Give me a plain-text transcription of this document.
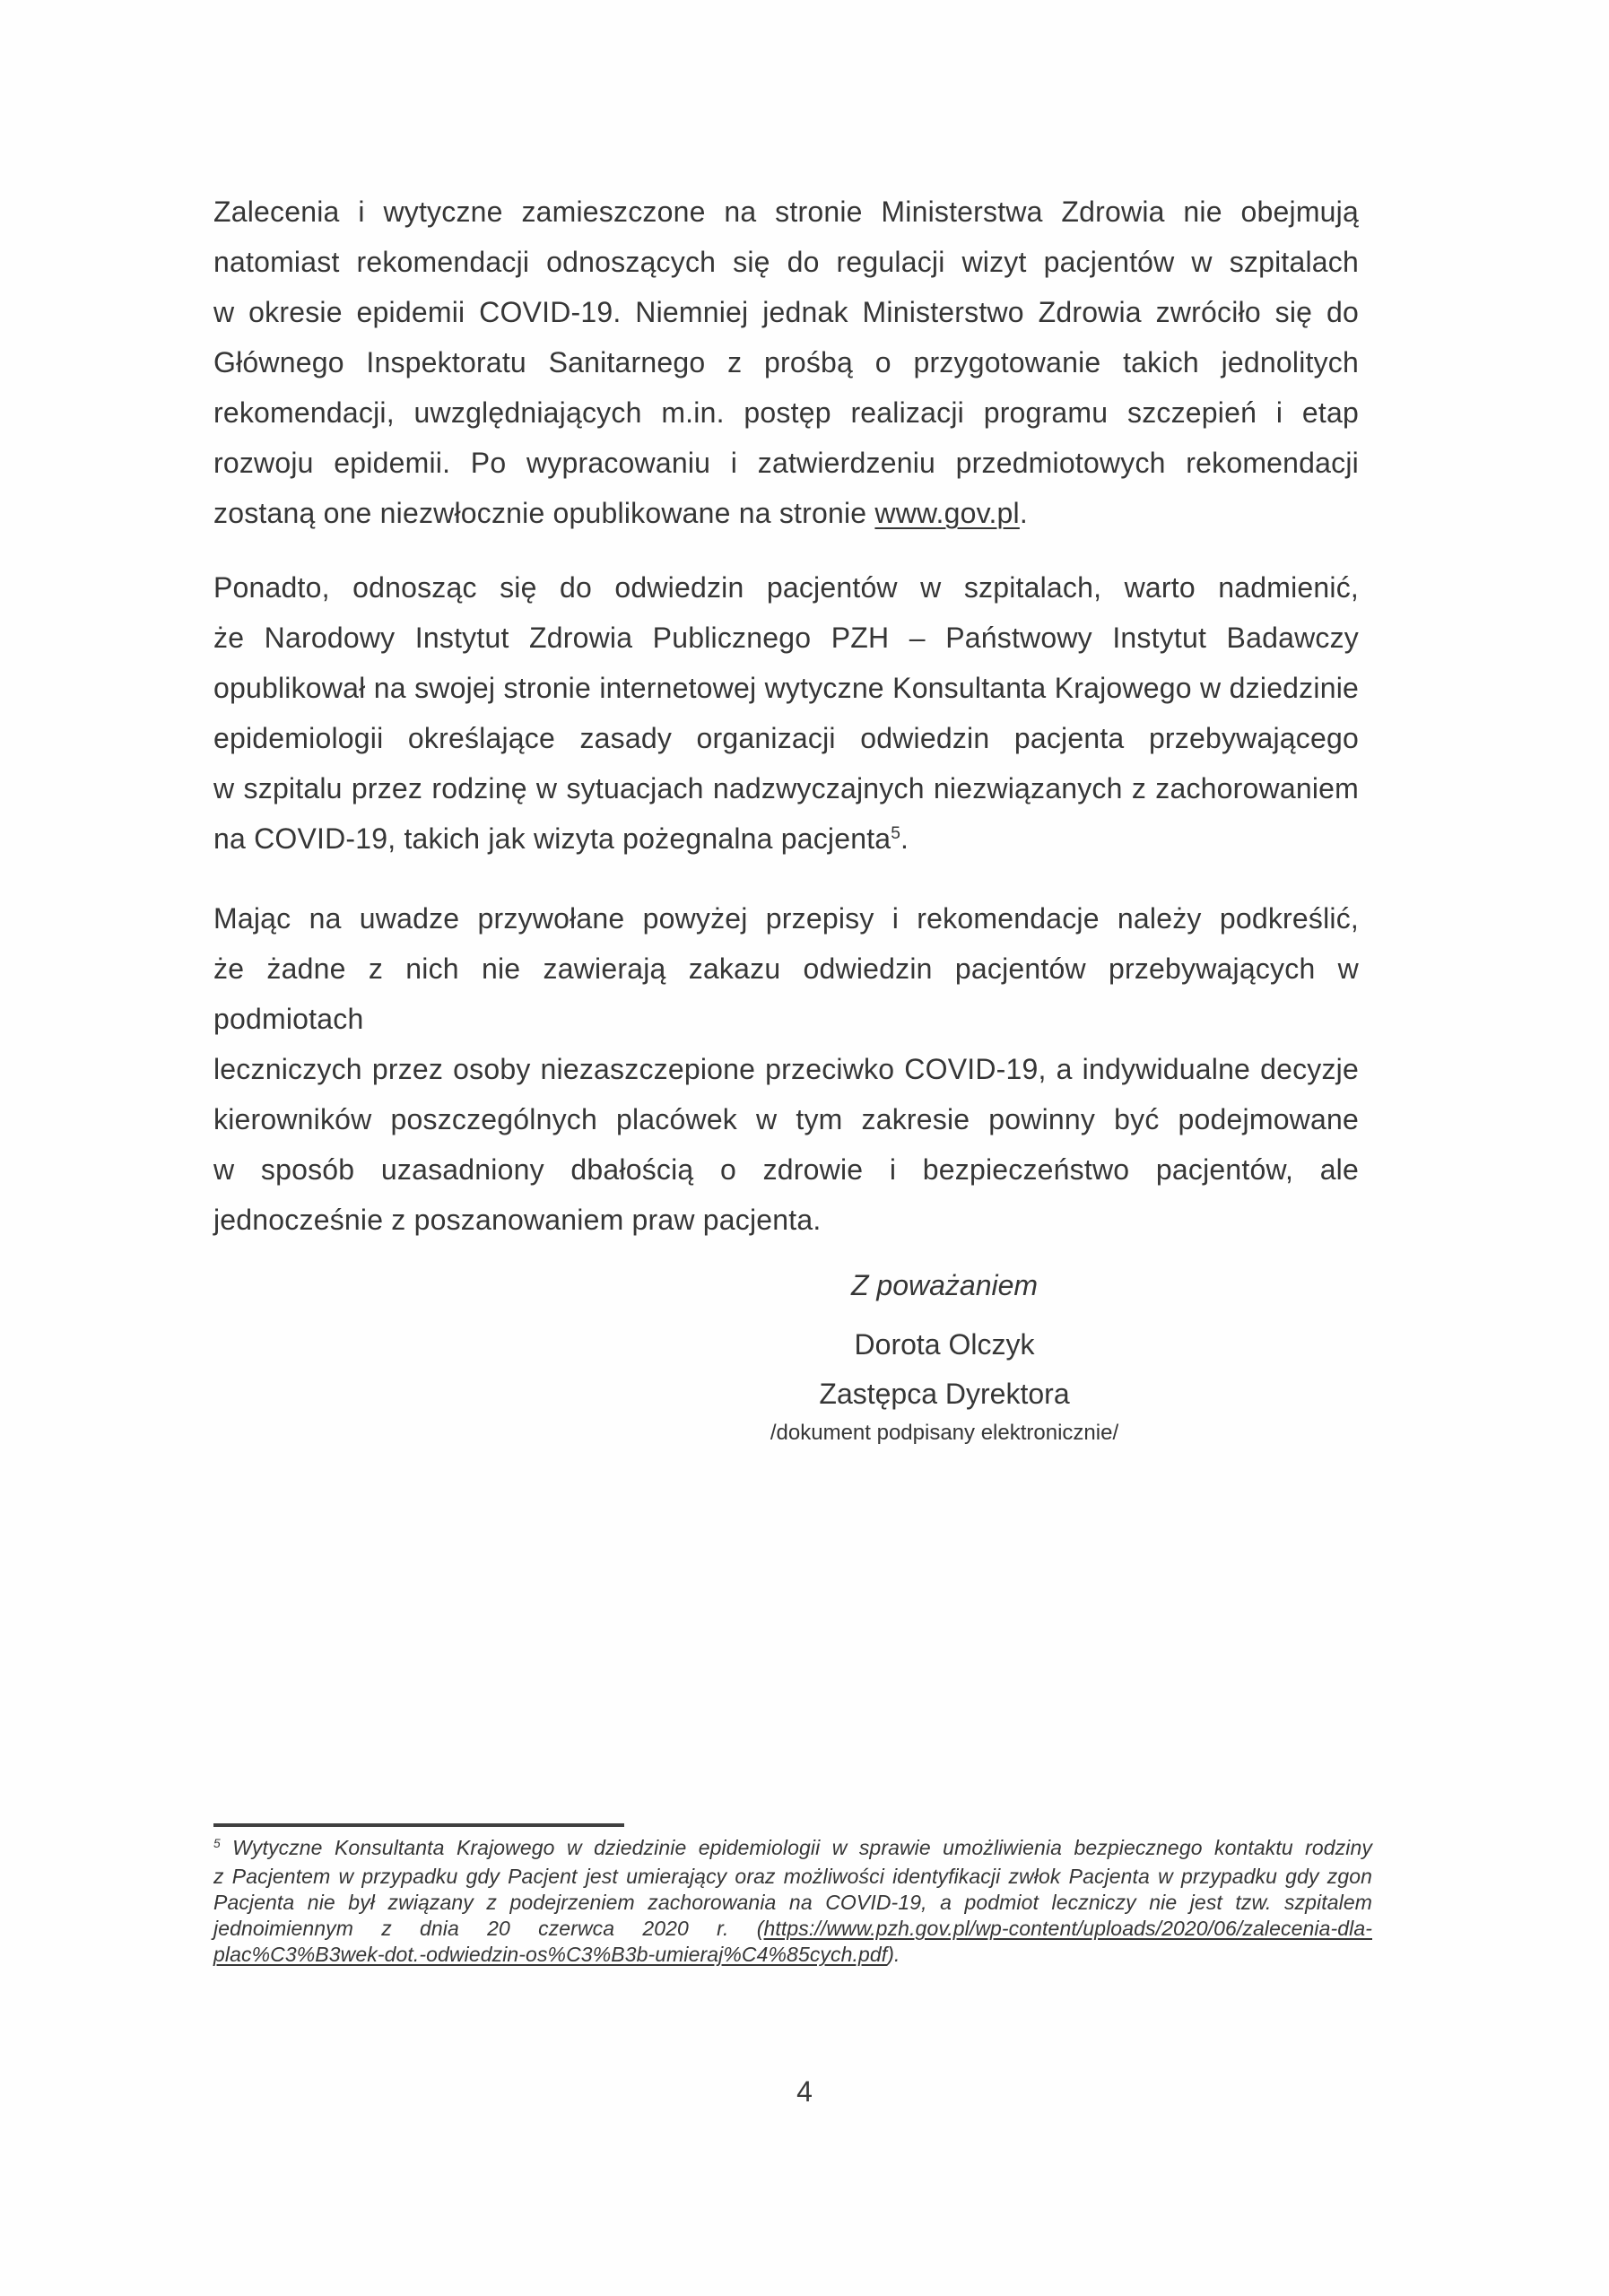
Zalecenia i wytyczne zamieszczone na stronie Ministerstwa Zdrowia nie obejmują
natomiast rekomendacji odnoszących się do regulacji wizyt pacjentów w szpitalach
w okresie epidemii COVID-19. Niemniej jednak Ministerstwo Zdrowia zwróciło się do
Głównego Inspektoratu Sanitarnego z prośbą o przygotowanie takich jednolitych
rekomendacji, uwzględniających m.in. postęp realizacji programu szczepień i etap
rozwoju epidemii. Po wypracowaniu i zatwierdzeniu przedmiotowych rekomendacji
zostaną one niezwłocznie opublikowane na stronie www.gov.pl.
Ponadto, odnosząc się do odwiedzin pacjentów w szpitalach, warto nadmienić,
że Narodowy Instytut Zdrowia Publicznego PZH – Państwowy Instytut Badawczy
opublikował na swojej stronie internetowej wytyczne Konsultanta Krajowego w dziedzinie
epidemiologii określające zasady organizacji odwiedzin pacjenta przebywającego
w szpitalu przez rodzinę w sytuacjach nadzwyczajnych niezwiązanych z zachorowaniem
na COVID-19, takich jak wizyta pożegnalna pacjenta$^5$.
Mając na uwadze przywołane powyżej przepisy i rekomendacje należy podkreślić,
że żadne z nich nie zawierają zakazu odwiedzin pacjentów przebywających w podmiotach
leczniczych przez osoby niezaszczepione przeciwko COVID-19, a indywidualne decyzje
kierowników poszczególnych placówek w tym zakresie powinny być podejmowane
w sposób uzasadniony dbałością o zdrowie i bezpieczeństwo pacjentów, ale
jednocześnie z poszanowaniem praw pacjenta.
Z poważaniem
Dorota Olczyk
Zastępca Dyrektora
/dokument podpisany elektronicznie/
$^5$ Wytyczne Konsultanta Krajowego w dziedzinie epidemiologii w sprawie umożliwienia bezpiecznego kontaktu rodziny
z Pacjentem w przypadku gdy Pacjent jest umierający oraz możliwości identyfikacji zwłok Pacjenta w przypadku gdy zgon
Pacjenta nie był związany z podejrzeniem zachorowania na COVID-19, a podmiot leczniczy nie jest tzw. szpitalem
jednoimiennym z dnia 20 czerwca 2020 r. (https://www.pzh.gov.pl/wp-content/uploads/2020/06/zalecenia-dla-
plac%C3%B3wek-dot.-odwiedzin-os%C3%B3b-umieraj%C4%85cych.pdf).
4
